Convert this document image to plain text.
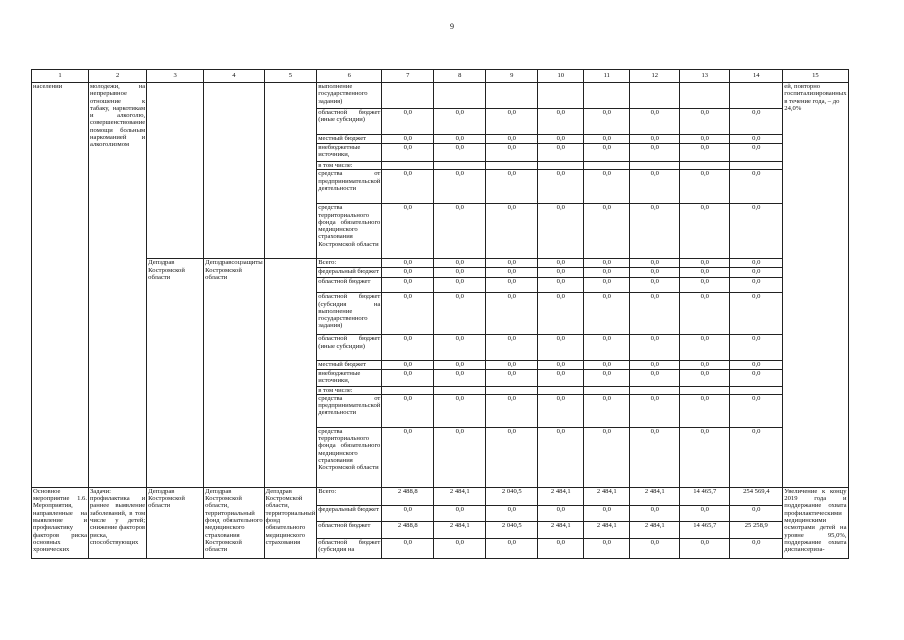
9
1	2	3	4	5	6	7	8	9	10	11	12	13	14	15
населении	молодежи, на непрерывное отношение к табаку, наркотикам и алкоголю, совершенствование помощи больным наркоманией и алкоголизмом				выполнение государственного задания)									ей, повторно госпитализированных в течение года, – до 24,0%
					областной бюджет (иные субсидии)	0,0	0,0	0,0	0,0	0,0	0,0	0,0	0,0	
					местный бюджет	0,0	0,0	0,0	0,0	0,0	0,0	0,0	0,0	
					внебюджетные источники,	0,0	0,0	0,0	0,0	0,0	0,0	0,0	0,0	
					в том числе:									
					средства от предпринимательской деятельности	0,0	0,0	0,0	0,0	0,0	0,0	0,0	0,0	
					средства территориального фонда обязательного медицинского страхования Костромской области	0,0	0,0	0,0	0,0	0,0	0,0	0,0	0,0	
		Депздрав Костромской области	Депздравсоцзащиты Костромской области		Всего:	0,0	0,0	0,0	0,0	0,0	0,0	0,0	0,0	
					федеральный бюджет	0,0	0,0	0,0	0,0	0,0	0,0	0,0	0,0	
					областной бюджет	0,0	0,0	0,0	0,0	0,0	0,0	0,0	0,0	
					областной бюджет (субсидия на выполнение государственного задания)	0,0	0,0	0,0	0,0	0,0	0,0	0,0	0,0	
					областной бюджет (иные субсидии)	0,0	0,0	0,0	0,0	0,0	0,0	0,0	0,0	
					местный бюджет	0,0	0,0	0,0	0,0	0,0	0,0	0,0	0,0	
					внебюджетные источники,	0,0	0,0	0,0	0,0	0,0	0,0	0,0	0,0	
					в том числе:									
					средства от предпринимательской деятельности	0,0	0,0	0,0	0,0	0,0	0,0	0,0	0,0	
					средства территориального фонда обязательного медицинского страхования Костромской области	0,0	0,0	0,0	0,0	0,0	0,0	0,0	0,0	
Основное мероприятие 1.6. Мероприятия, направленные на выявление и профилактику факторов риска основных хронических	Задачи: профилактика и раннее выявление заболеваний, в том числе у детей; снижение факторов риска, способствующих	Депздрав Костромской области	Депздрав Костромской области, территориальный фонд обязательного медицинского страхования Костромской области	Депздрав Костромской области, территориальный фонд обязательного медицинского страхования	Всего:	2 488,8	2 484,1	2 040,5	2 484,1	2 484,1	2 484,1	14 465,7	254 569,4	Увеличение к концу 2019 года и поддержание охвата профилактическими медицинскими осмотрами детей на уровне 95,0%, поддержание охвата диспансериза-
					федеральный бюджет	0,0	0,0	0,0	0,0	0,0	0,0	0,0	0,0	
					областной бюджет	2 488,8	2 484,1	2 040,5	2 484,1	2 484,1	2 484,1	14 465,7	25 258,9	
					областной бюджет (субсидия на	0,0	0,0	0,0	0,0	0,0	0,0	0,0	0,0	
